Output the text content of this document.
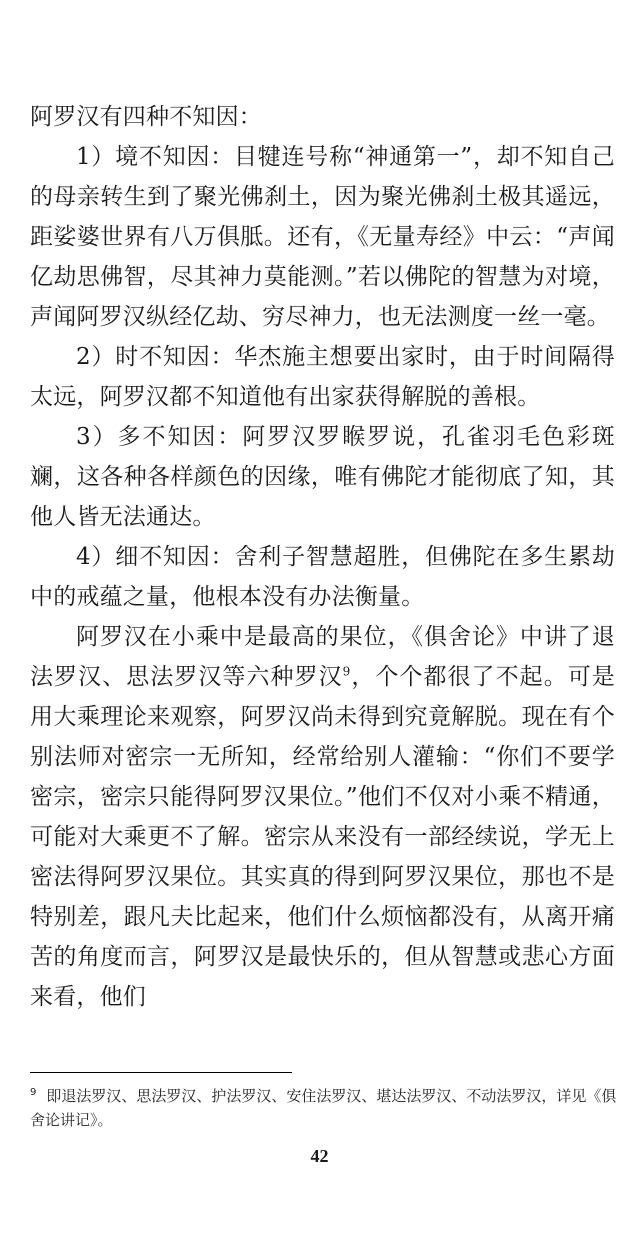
阿罗汉有四种不知因：

1）境不知因：目犍连号称“神通第一”，却不知自己的母亲转生到了聚光佛刹土，因为聚光佛刹土极其遥远，距娑婆世界有八万俱胝。还有，《无量寿经》中云：“声闻亿劫思佛智，尽其神力莫能测。”若以佛陀的智慧为对境，声闻阿罗汉纵经亿劫、穷尽神力，也无法测度一丝一毫。

2）时不知因：华杰施主想要出家时，由于时间隔得太远，阿罗汉都不知道他有出家获得解脱的善根。

3）多不知因：阿罗汉罗睺罗说，孔雀羽毛色彩斑斓，这各种各样颜色的因缘，唯有佛陀才能彻底了知，其他人皆无法通达。

4）细不知因：舍利子智慧超胜，但佛陀在多生累劫中的戒蕴之量，他根本没有办法衡量。

阿罗汉在小乘中是最高的果位，《俱舍论》中讲了退法罗汉、思法罗汉等六种罗汉$^9$，个个都很了不起。可是用大乘理论来观察，阿罗汉尚未得到究竟解脱。现在有个别法师对密宗一无所知，经常给别人灌输：“你们不要学密宗，密宗只能得阿罗汉果位。”他们不仅对小乘不精通，可能对大乘更不了解。密宗从来没有一部经续说，学无上密法得阿罗汉果位。其实真的得到阿罗汉果位，那也不是特别差，跟凡夫比起来，他们什么烦恼都没有，从离开痛苦的角度而言，阿罗汉是最快乐的，但从智慧或悲心方面来看，他们

$^9$ 即退法罗汉、思法罗汉、护法罗汉、安住法罗汉、堪达法罗汉、不动法罗汉，详见《俱舍论讲记》。
42
